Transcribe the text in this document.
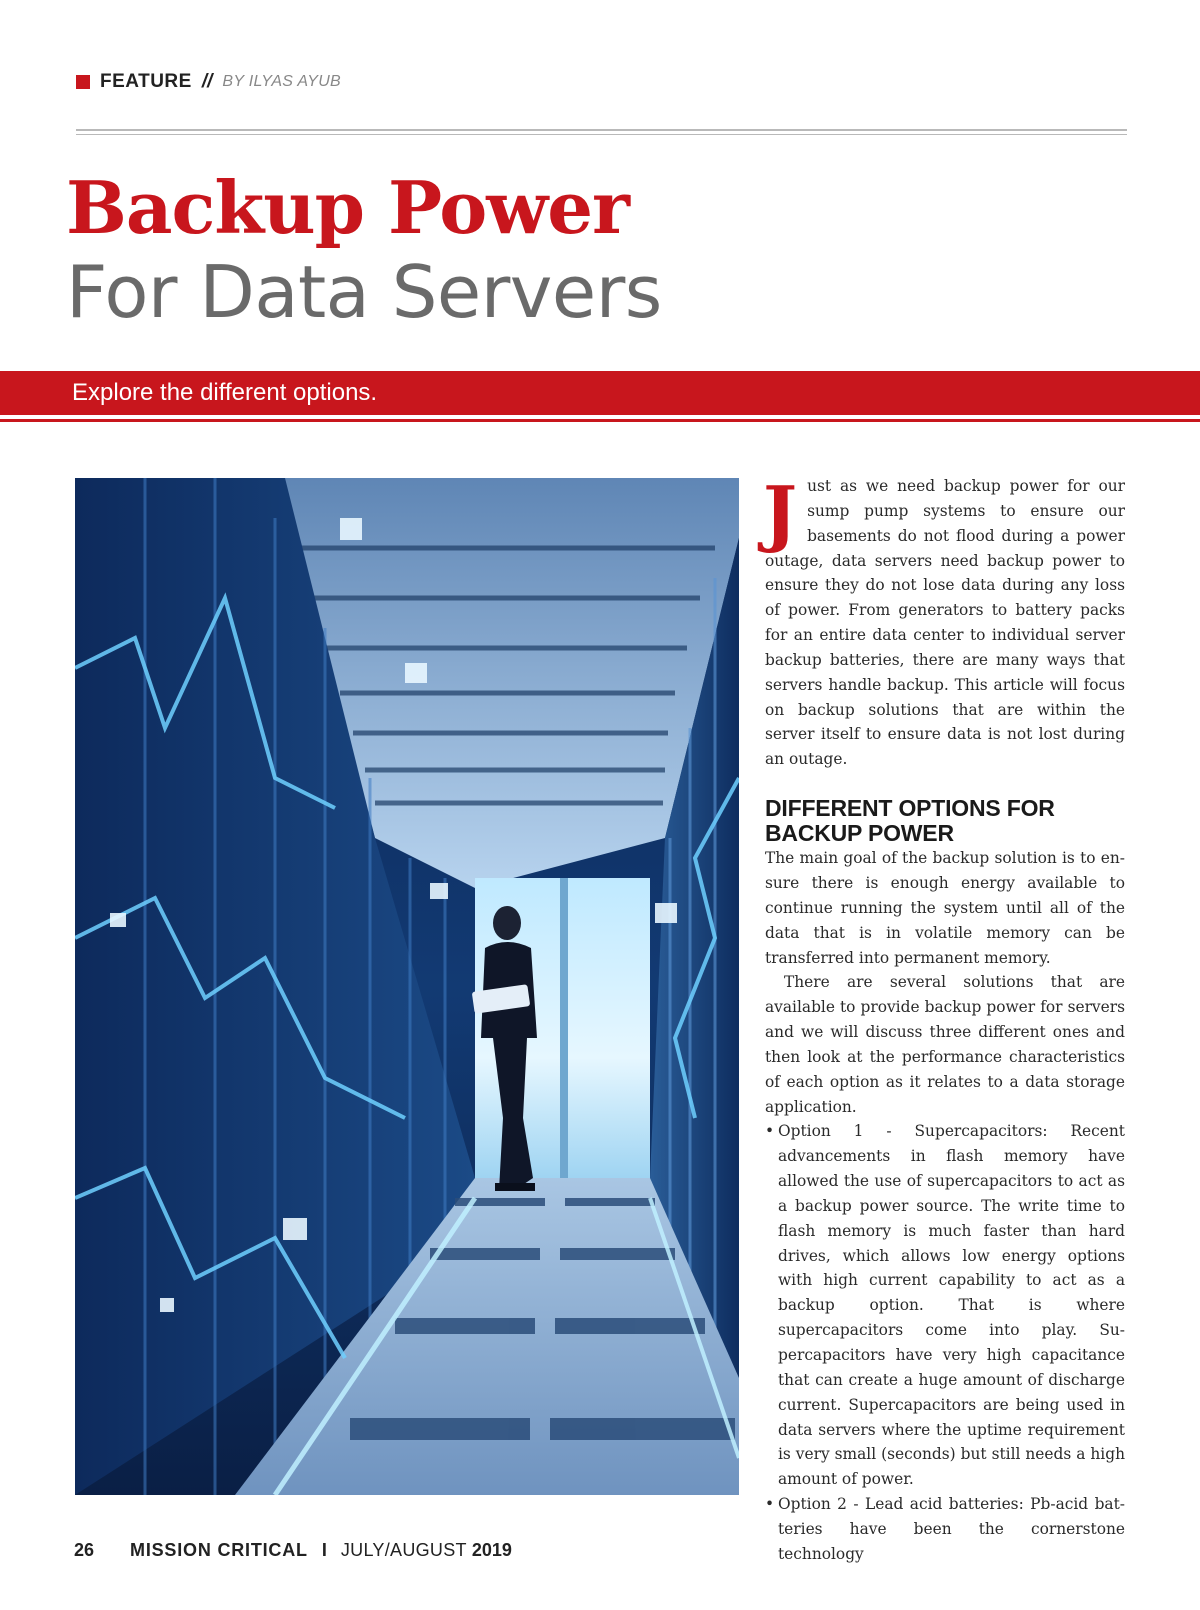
FEATURE // BY ILYAS AYUB
Backup Power
For Data Servers
Explore the different options.

Just as we need backup power for our sump pump systems to ensure our basements do not flood during a power outage, data servers need backup power to ensure they do not lose data during any loss of power. From generators to battery packs for an entire data center to individual server backup batteries, there are many ways that servers handle backup. This article will focus on backup solutions that are within the server itself to ensure data is not lost during an outage.

DIFFERENT OPTIONS FOR BACKUP POWER

The main goal of the backup solution is to ensure there is enough energy available to continue running the system until all of the data that is in volatile memory can be transferred into permanent memory.

There are several solutions that are available to provide backup power for servers and we will discuss three different ones and then look at the performance characteristics of each option as it relates to a data storage application.

• Option 1 - Supercapacitors: Recent advancements in flash memory have allowed the use of supercapacitors to act as a backup power source. The write time to flash memory is much faster than hard drives, which allows low energy options with high current capability to act as a backup option. That is where supercapacitors come into play. Supercapacitors have very high capacitance that can create a huge amount of discharge current. Supercapacitors are being used in data servers where the uptime requirement is very small (seconds) but still needs a high amount of power.
• Option 2 - Lead acid batteries: Pb-acid batteries have been the cornerstone technology
26 MISSION CRITICAL I JULY/AUGUST 2019
